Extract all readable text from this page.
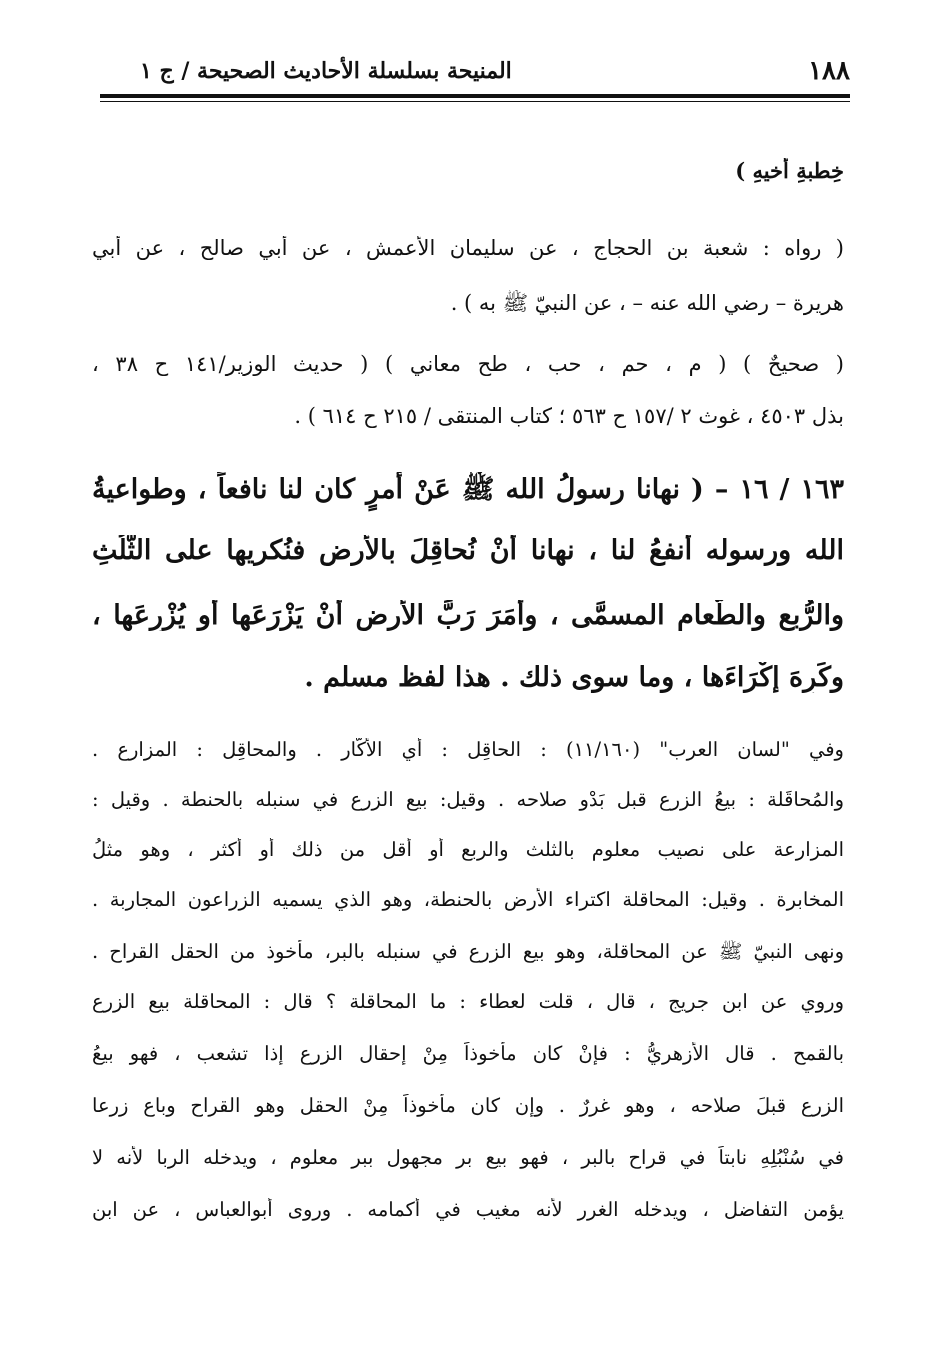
١٨٨
المنيحة بسلسلة الأحاديث الصحيحة / ج ١
خِطبةِ أخيهِ )
( رواه : شعبة بن الحجاج ، عن سليمان الأعمش ، عن أبي صالح ، عن أبي
هريرة – رضي الله عنه – ، عن النبيّ ﷺ به ) .
( صحيحٌ ) ( م ، حم ، حب ، طح معاني ) ( حديث الوزير/١٤١ ح ٣٨ ،
بذل ٤٥٠٣ ، غوث ٢ /١٥٧ ح ٥٦٣ ؛ كتاب المنتقى / ٢١٥ ح ٦١٤ ) .
١٦٣ / ١٦ – ( نهانا رسولُ الله ﷺ عَنْ أمرٍ كان لنا نافعاً ، وطواعيةُ
الله ورسوله أنفعُ لنا ، نهانا أنْ نُحاقِلَ بالأرض فنُكريها على الثُّلُثِ
والرُّبعِ والطَّعامِ المسمَّى ، وأَمَرَ رَبَّ الأرض أنْ يَزْرَعَها أو يُزْرِعَها ،
وكَرِهَ إكْرَاءَها ، وما سوى ذلك . هذا لفظ مسلم .
وفي "لسان العرب" (١١/١٦٠) : الحاقِل : أي الأكّار . والمحاقِل : المزارع .
والمُحاقَلة : بيعُ الزرع قبل بَدْوِ صلاحه . وقيل: بيع الزرع في سنبله بالحنطة . وقيل :
المزارعة على نصيب معلوم بالثلث والربع أو أقل من ذلك أو أكثر ، وهو مثلُ
المخابرة . وقيل: المحاقلة اكتراء الأرض بالحنطة، وهو الذي يسميه الزراعون المجاربة .
ونهى النبيّ ﷺ عن المحاقلة، وهو بيع الزرع في سنبله بالبر، مأخوذ من الحقل القراح .
وروي عن ابن جريجٍ ، قال ، قلت لعطاء : ما المحاقلة ؟ قال : المحاقلة بيع الزرع
بالقمح . قال الأزهريُّ : فإنْ كان مأخوذاً مِنْ إحقال الزرع إذا تشعب ، فهو بيعُ
الزرع قبلَ صلاحه ، وهو غررٌ . وإن كان مأخوذاً مِنْ الحقل وهو القراح وباع زرعا
في سُنْبُلِهِ نابتاً في قراح بالبر ، فهو بيع بر مجهول ببر معلوم ، ويدخله الربا لأنه لا
يؤمن التفاضل ، ويدخله الغرر لأنه مغيب في أكمامه . وروى أبوالعباس ، عن ابن
